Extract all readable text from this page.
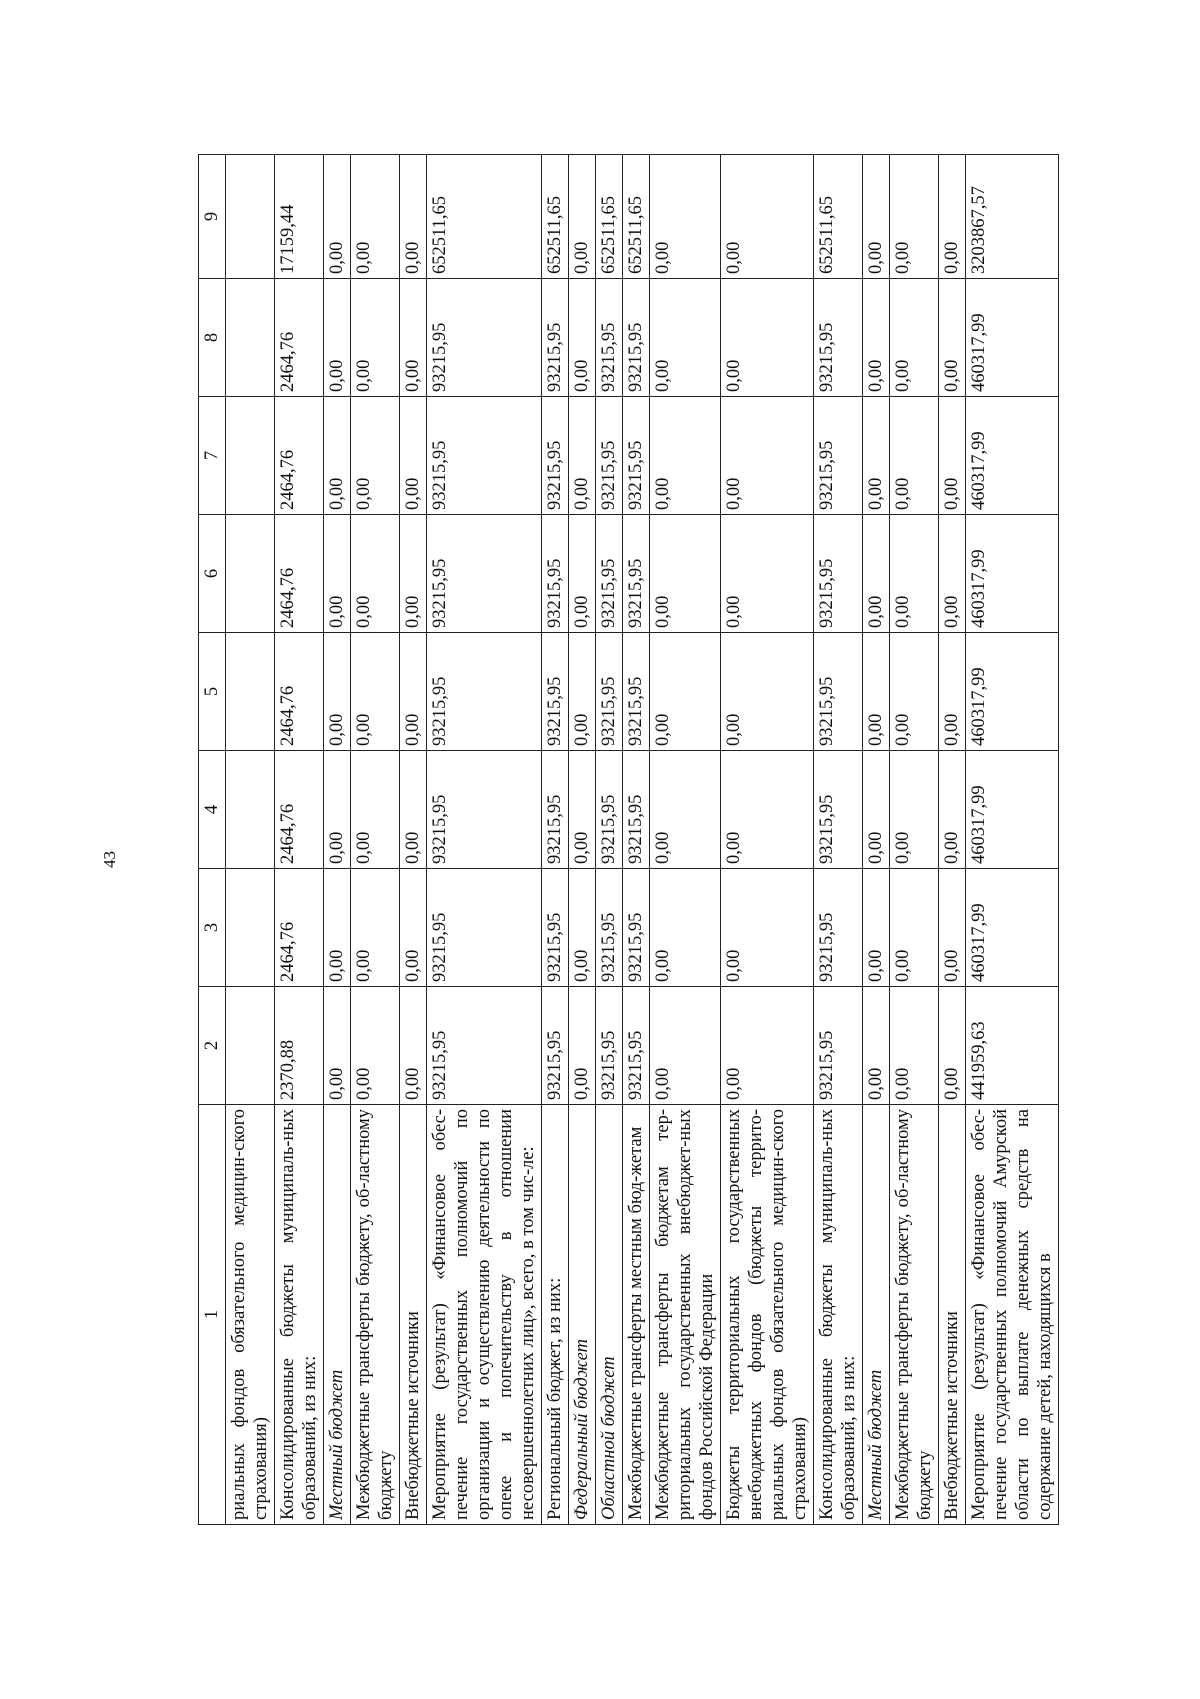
43
1	2	3	4	5	6	7	8	9
риальных фондов обязательного медицин-ского страхования)								
Консолидированные бюджеты муниципаль-ных образований, из них:	2370,88	2464,76	2464,76	2464,76	2464,76	2464,76	2464,76	17159,44
Местный бюджет	0,00	0,00	0,00	0,00	0,00	0,00	0,00	0,00
Межбюджетные трансферты бюджету, об-ластному бюджету	0,00	0,00	0,00	0,00	0,00	0,00	0,00	0,00
Внебюджетные источники	0,00	0,00	0,00	0,00	0,00	0,00	0,00	0,00
Мероприятие (результат) «Финансовое обес-печение государственных полномочий по организации и осуществлению деятельности по опеке и попечительству в отношении несовершеннолетних лиц», всего, в том чис-ле:	93215,95	93215,95	93215,95	93215,95	93215,95	93215,95	93215,95	652511,65
Региональный бюджет, из них:	93215,95	93215,95	93215,95	93215,95	93215,95	93215,95	93215,95	652511,65
Федеральный бюджет	0,00	0,00	0,00	0,00	0,00	0,00	0,00	0,00
Областной бюджет	93215,95	93215,95	93215,95	93215,95	93215,95	93215,95	93215,95	652511,65
Межбюджетные трансферты местным бюд-жетам	93215,95	93215,95	93215,95	93215,95	93215,95	93215,95	93215,95	652511,65
Межбюджетные трансферты бюджетам тер-риториальных государственных внебюджет-ных фондов Российской Федерации	0,00	0,00	0,00	0,00	0,00	0,00	0,00	0,00
Бюджеты территориальных государственных внебюджетных фондов (бюджеты террито-риальных фондов обязательного медицин-ского страхования)	0,00	0,00	0,00	0,00	0,00	0,00	0,00	0,00
Консолидированные бюджеты муниципаль-ных образований, из них:	93215,95	93215,95	93215,95	93215,95	93215,95	93215,95	93215,95	652511,65
Местный бюджет	0,00	0,00	0,00	0,00	0,00	0,00	0,00	0,00
Межбюджетные трансферты бюджету, об-ластному бюджету	0,00	0,00	0,00	0,00	0,00	0,00	0,00	0,00
Внебюджетные источники	0,00	0,00	0,00	0,00	0,00	0,00	0,00	0,00
Мероприятие (результат) «Финансовое обес-печение государственных полномочий Амурской области по выплате денежных средств на содержание детей, находящихся в	441959,63	460317,99	460317,99	460317,99	460317,99	460317,99	460317,99	3203867,57
